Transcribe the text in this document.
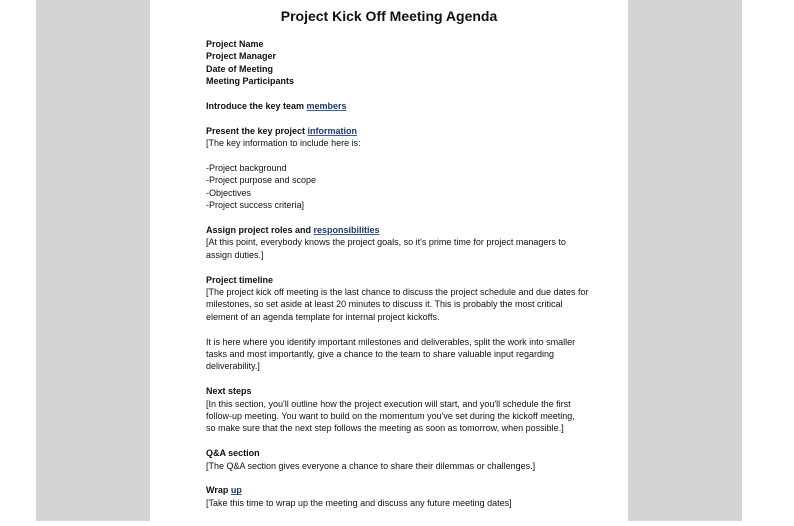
Project Kick Off Meeting Agenda
Project Name
Project Manager
Date of Meeting
Meeting Participants
Introduce the key team members
Present the key project information
[The key information to include here is:
-Project background
-Project purpose and scope
-Objectives
-Project success criteria]
Assign project roles and responsibilities
[At this point, everybody knows the project goals, so it's prime time for project managers to
assign duties.]
Project timeline
[The project kick off meeting is the last chance to discuss the project schedule and due dates for
milestones, so set aside at least 20 minutes to discuss it. This is probably the most critical
element of an agenda template for internal project kickoffs.
It is here where you identify important milestones and deliverables, split the work into smaller
tasks and most importantly, give a chance to the team to share valuable input regarding
deliverability.]
Next steps
[In this section, you'll outline how the project execution will start, and you'll schedule the first
follow-up meeting. You want to build on the momentum you've set during the kickoff meeting,
so make sure that the next step follows the meeting as soon as tomorrow, when possible.]
Q&A section
[The Q&A section gives everyone a chance to share their dilemmas or challenges.]
Wrap up
[Take this time to wrap up the meeting and discuss any future meeting dates]
